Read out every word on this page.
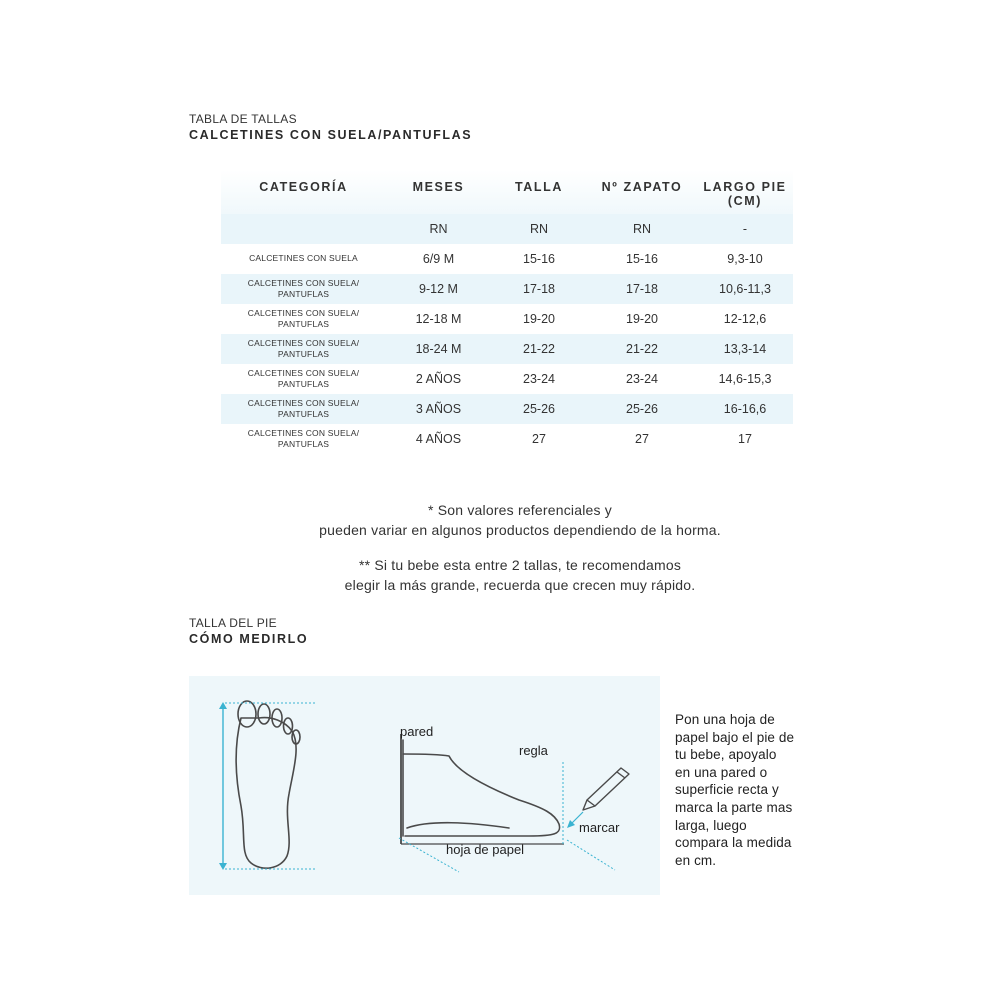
TABLA DE TALLAS
CALCETINES CON SUELA/PANTUFLAS
CATEGORÍA	MESES	TALLA	Nº ZAPATO	LARGO PIE (CM)
	RN	RN	RN	-
CALCETINES CON SUELA	6/9 M	15-16	15-16	9,3-10
CALCETINES CON SUELA/ PANTUFLAS	9-12 M	17-18	17-18	10,6-11,3
CALCETINES CON SUELA/ PANTUFLAS	12-18 M	19-20	19-20	12-12,6
CALCETINES CON SUELA/ PANTUFLAS	18-24 M	21-22	21-22	13,3-14
CALCETINES CON SUELA/ PANTUFLAS	2 AÑOS	23-24	23-24	14,6-15,3
CALCETINES CON SUELA/ PANTUFLAS	3 AÑOS	25-26	25-26	16-16,6
CALCETINES CON SUELA/ PANTUFLAS	4 AÑOS	27	27	17
* Son valores referenciales y
pueden variar en algunos productos dependiendo de la horma.
** Si tu bebe esta entre 2 tallas, te recomendamos
elegir la más grande, recuerda que crecen muy rápido.
TALLA DEL PIE
CÓMO MEDIRLO
pared
regla
marcar
hoja de papel
Pon una hoja de
papel bajo el pie de
tu bebe, apoyalo
en una pared o
superficie recta y
marca la parte mas
larga, luego
compara la medida
en cm.
